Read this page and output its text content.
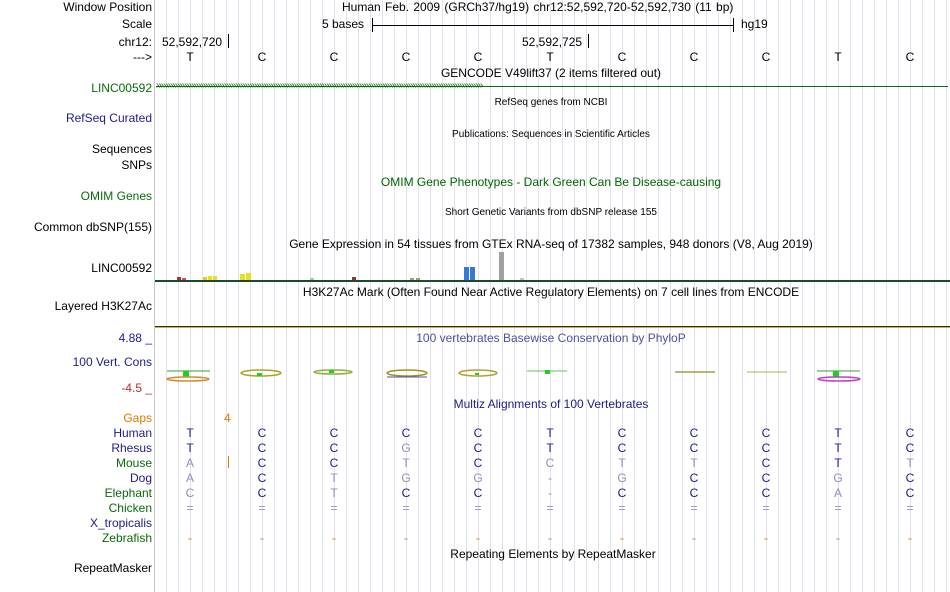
Window Position	Human Feb. 2009 (GRCh37/hg19) chr12:52,592,720-52,592,730 (11 bp)
Scale	5 bases	hg19
chr12: 52,592,720	52,592,725
--->	T	C	C	C	C	T	C	C	C	T	C
GENCODE V49lift37 (2 items filtered out)
LINC00592
RefSeq genes from NCBI
RefSeq Curated
Publications: Sequences in Scientific Articles
Sequences
SNPs
OMIM Gene Phenotypes - Dark Green Can Be Disease-causing
OMIM Genes
Short Genetic Variants from dbSNP release 155
Common dbSNP(155)
Gene Expression in 54 tissues from GTEx RNA-seq of 17382 samples, 948 donors (V8, Aug 2019)
LINC00592
H3K27Ac Mark (Often Found Near Active Regulatory Elements) on 7 cell lines from ENCODE
Layered H3K27Ac
100 vertebrates Basewise Conservation by PhyloP
4.88 _
100 Vert. Cons
-4.5 _
Multiz Alignments of 100 Vertebrates
Gaps	4
Human	T	C	C	C	C	T	C	C	C	T	C
Rhesus	T	C	C	G	C	T	C	C	C	T	C
Mouse	A	C	C	T	C	C	T	T	C	T	T
Dog	A	C	T	G	G	-	G	C	C	G	C
Elephant	C	C	T	C	C	-	C	C	C	A	C
Chicken	=	=	=	=	=	=	=	=	=	=	=
X_tropicalis
Zebrafish	-	-	-	-	-	-	-	-	-	-	-
Repeating Elements by RepeatMasker
RepeatMasker
